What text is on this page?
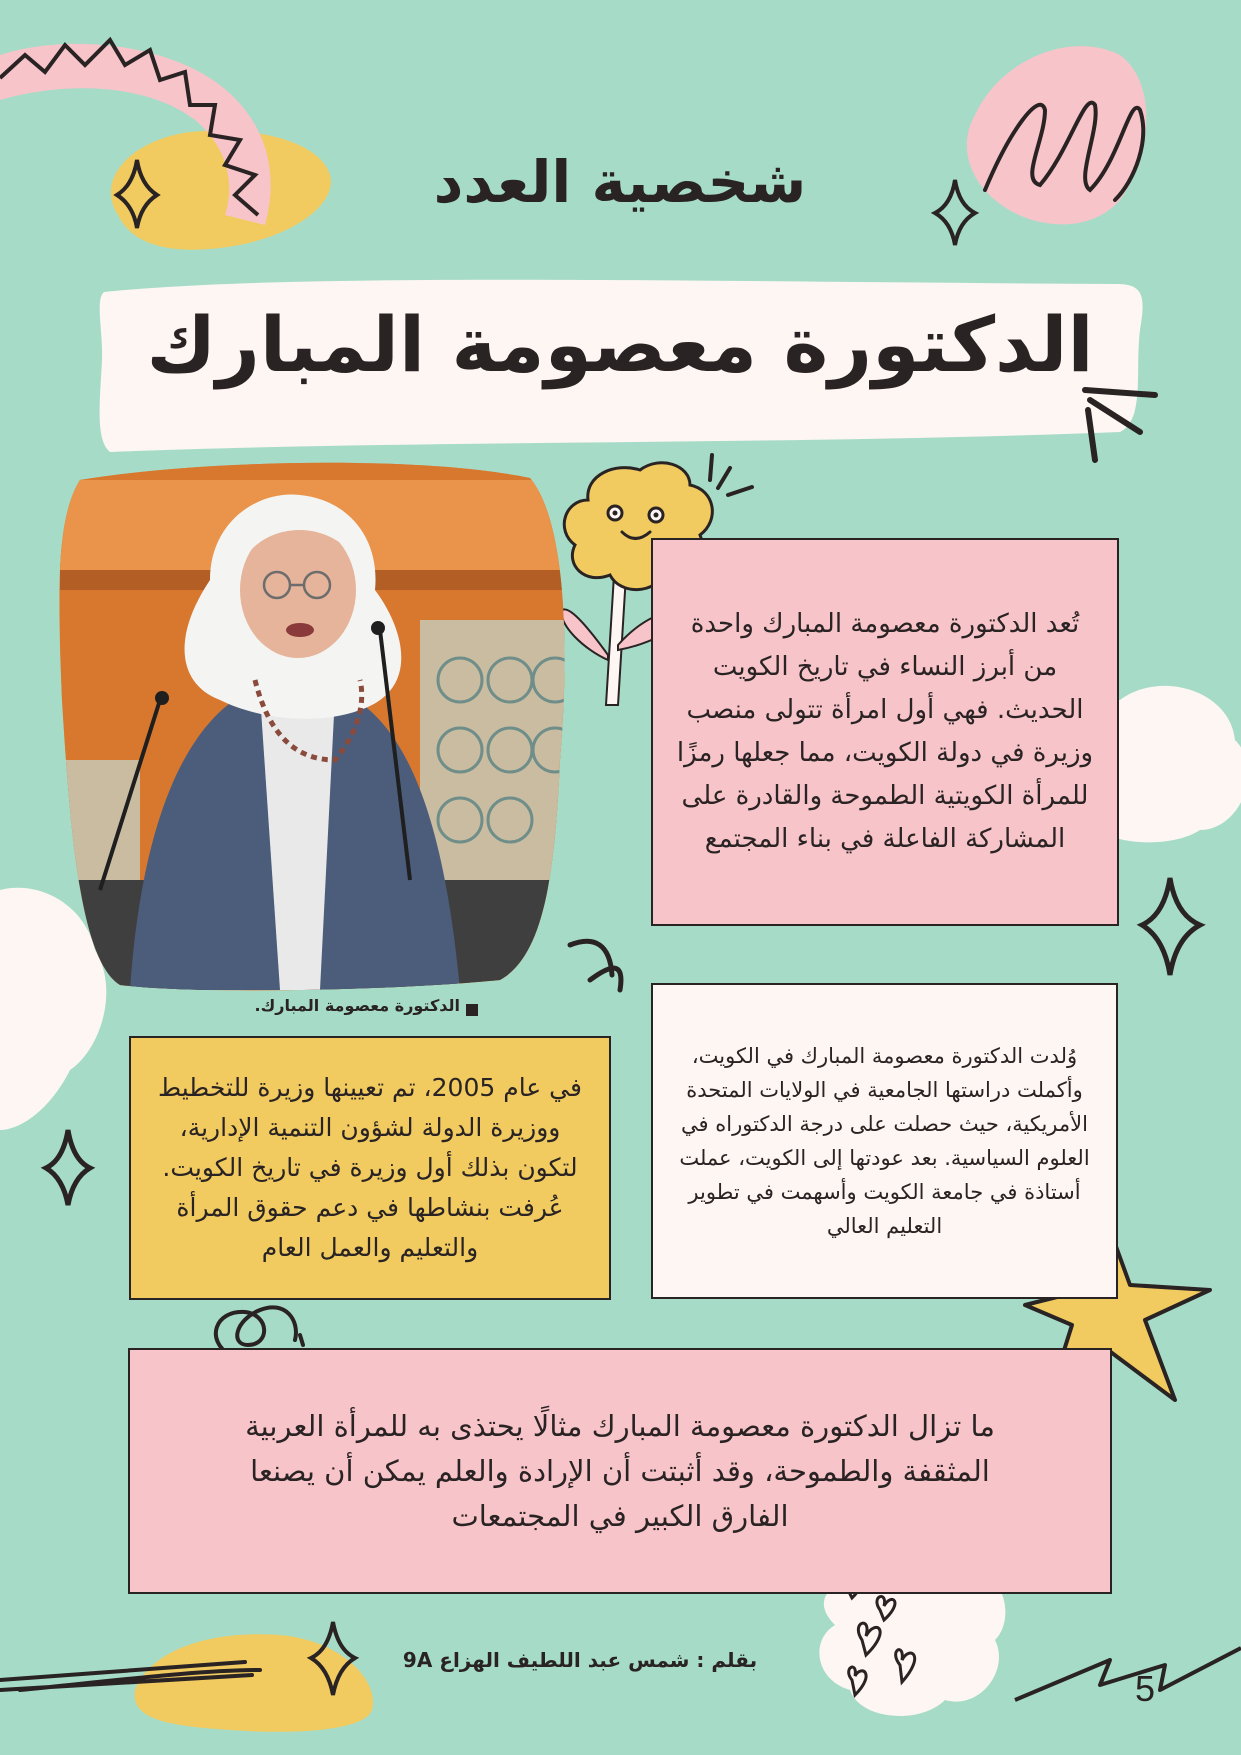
شخصية العدد
الدكتورة معصومة المبارك
الدكتورة معصومة المبارك.
تُعد الدكتورة معصومة المبارك واحدة من أبرز النساء في تاريخ الكويت الحديث. فهي أول امرأة تتولى منصب وزيرة في دولة الكويت، مما جعلها رمزًا للمرأة الكويتية الطموحة والقادرة على المشاركة الفاعلة في بناء المجتمع
وُلدت الدكتورة معصومة المبارك في الكويت، وأكملت دراستها الجامعية في الولايات المتحدة الأمريكية، حيث حصلت على درجة الدكتوراه في العلوم السياسية. بعد عودتها إلى الكويت، عملت أستاذة في جامعة الكويت وأسهمت في تطوير التعليم العالي
في عام 2005، تم تعيينها وزيرة للتخطيط ووزيرة الدولة لشؤون التنمية الإدارية، لتكون بذلك أول وزيرة في تاريخ الكويت. عُرفت بنشاطها في دعم حقوق المرأة والتعليم والعمل العام
ما تزال الدكتورة معصومة المبارك مثالًا يحتذى به للمرأة العربية المثقفة والطموحة، وقد أثبتت أن الإرادة والعلم يمكن أن يصنعا الفارق الكبير في المجتمعات
بقلم : شمس عبد اللطيف الهزاع 9A
5
